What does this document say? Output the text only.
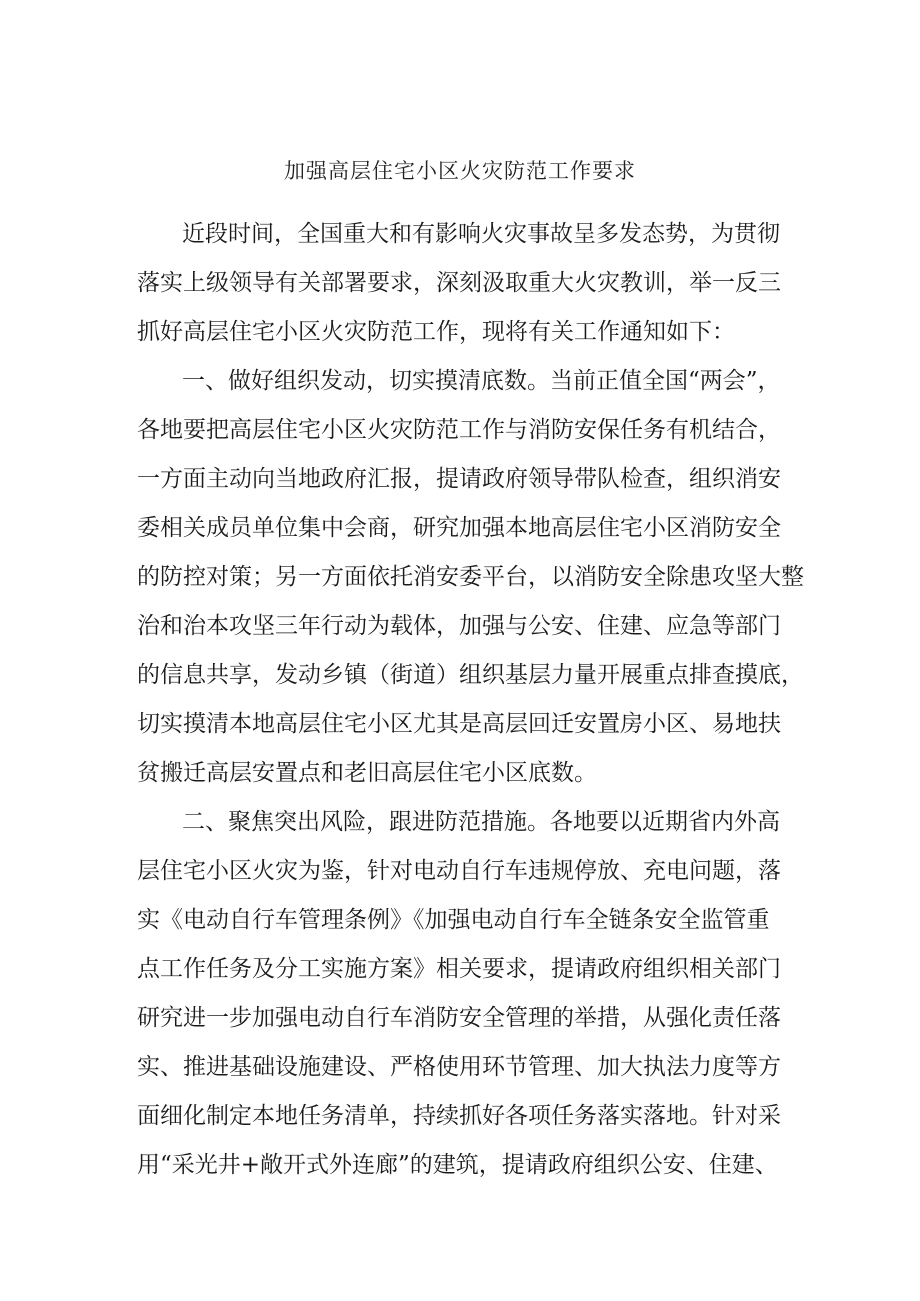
加强高层住宅小区火灾防范工作要求
近段时间，全国重大和有影响火灾事故呈多发态势，为贯彻
落实上级领导有关部署要求，深刻汲取重大火灾教训，举一反三
抓好高层住宅小区火灾防范工作，现将有关工作通知如下：
一、做好组织发动，切实摸清底数。当前正值全国“两会”，
各地要把高层住宅小区火灾防范工作与消防安保任务有机结合，
一方面主动向当地政府汇报，提请政府领导带队检查，组织消安
委相关成员单位集中会商，研究加强本地高层住宅小区消防安全
的防控对策；另一方面依托消安委平台，以消防安全除患攻坚大整
治和治本攻坚三年行动为载体，加强与公安、住建、应急等部门
的信息共享，发动乡镇（街道）组织基层力量开展重点排查摸底，
切实摸清本地高层住宅小区尤其是高层回迁安置房小区、易地扶
贫搬迁高层安置点和老旧高层住宅小区底数。
二、聚焦突出风险，跟进防范措施。各地要以近期省内外高
层住宅小区火灾为鉴，针对电动自行车违规停放、充电问题，落
实《电动自行车管理条例》《加强电动自行车全链条安全监管重
点工作任务及分工实施方案》相关要求，提请政府组织相关部门
研究进一步加强电动自行车消防安全管理的举措，从强化责任落
实、推进基础设施建设、严格使用环节管理、加大执法力度等方
面细化制定本地任务清单，持续抓好各项任务落实落地。针对采
用“采光井+敞开式外连廊”的建筑，提请政府组织公安、住建、
